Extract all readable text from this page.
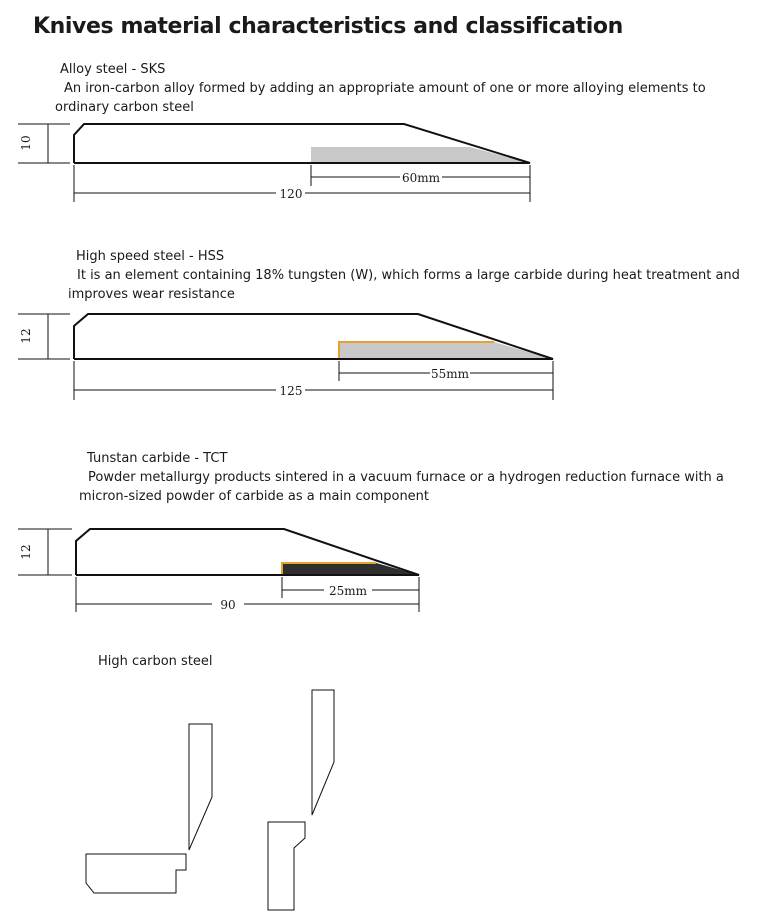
Knives material characteristics and classification
Alloy steel - SKS
An iron-carbon alloy formed by adding an appropriate amount of one or more alloying elements to
ordinary carbon steel
High speed steel - HSS
It is an element containing 18% tungsten (W), which forms a large carbide during heat treatment and
improves wear resistance
Tunstan carbide - TCT
Powder metallurgy products sintered in a vacuum furnace or a hydrogen reduction furnace with a
micron-sized powder of carbide as a main component
High carbon steel
10
120
60mm
12
125
55mm
12
90
25mm
